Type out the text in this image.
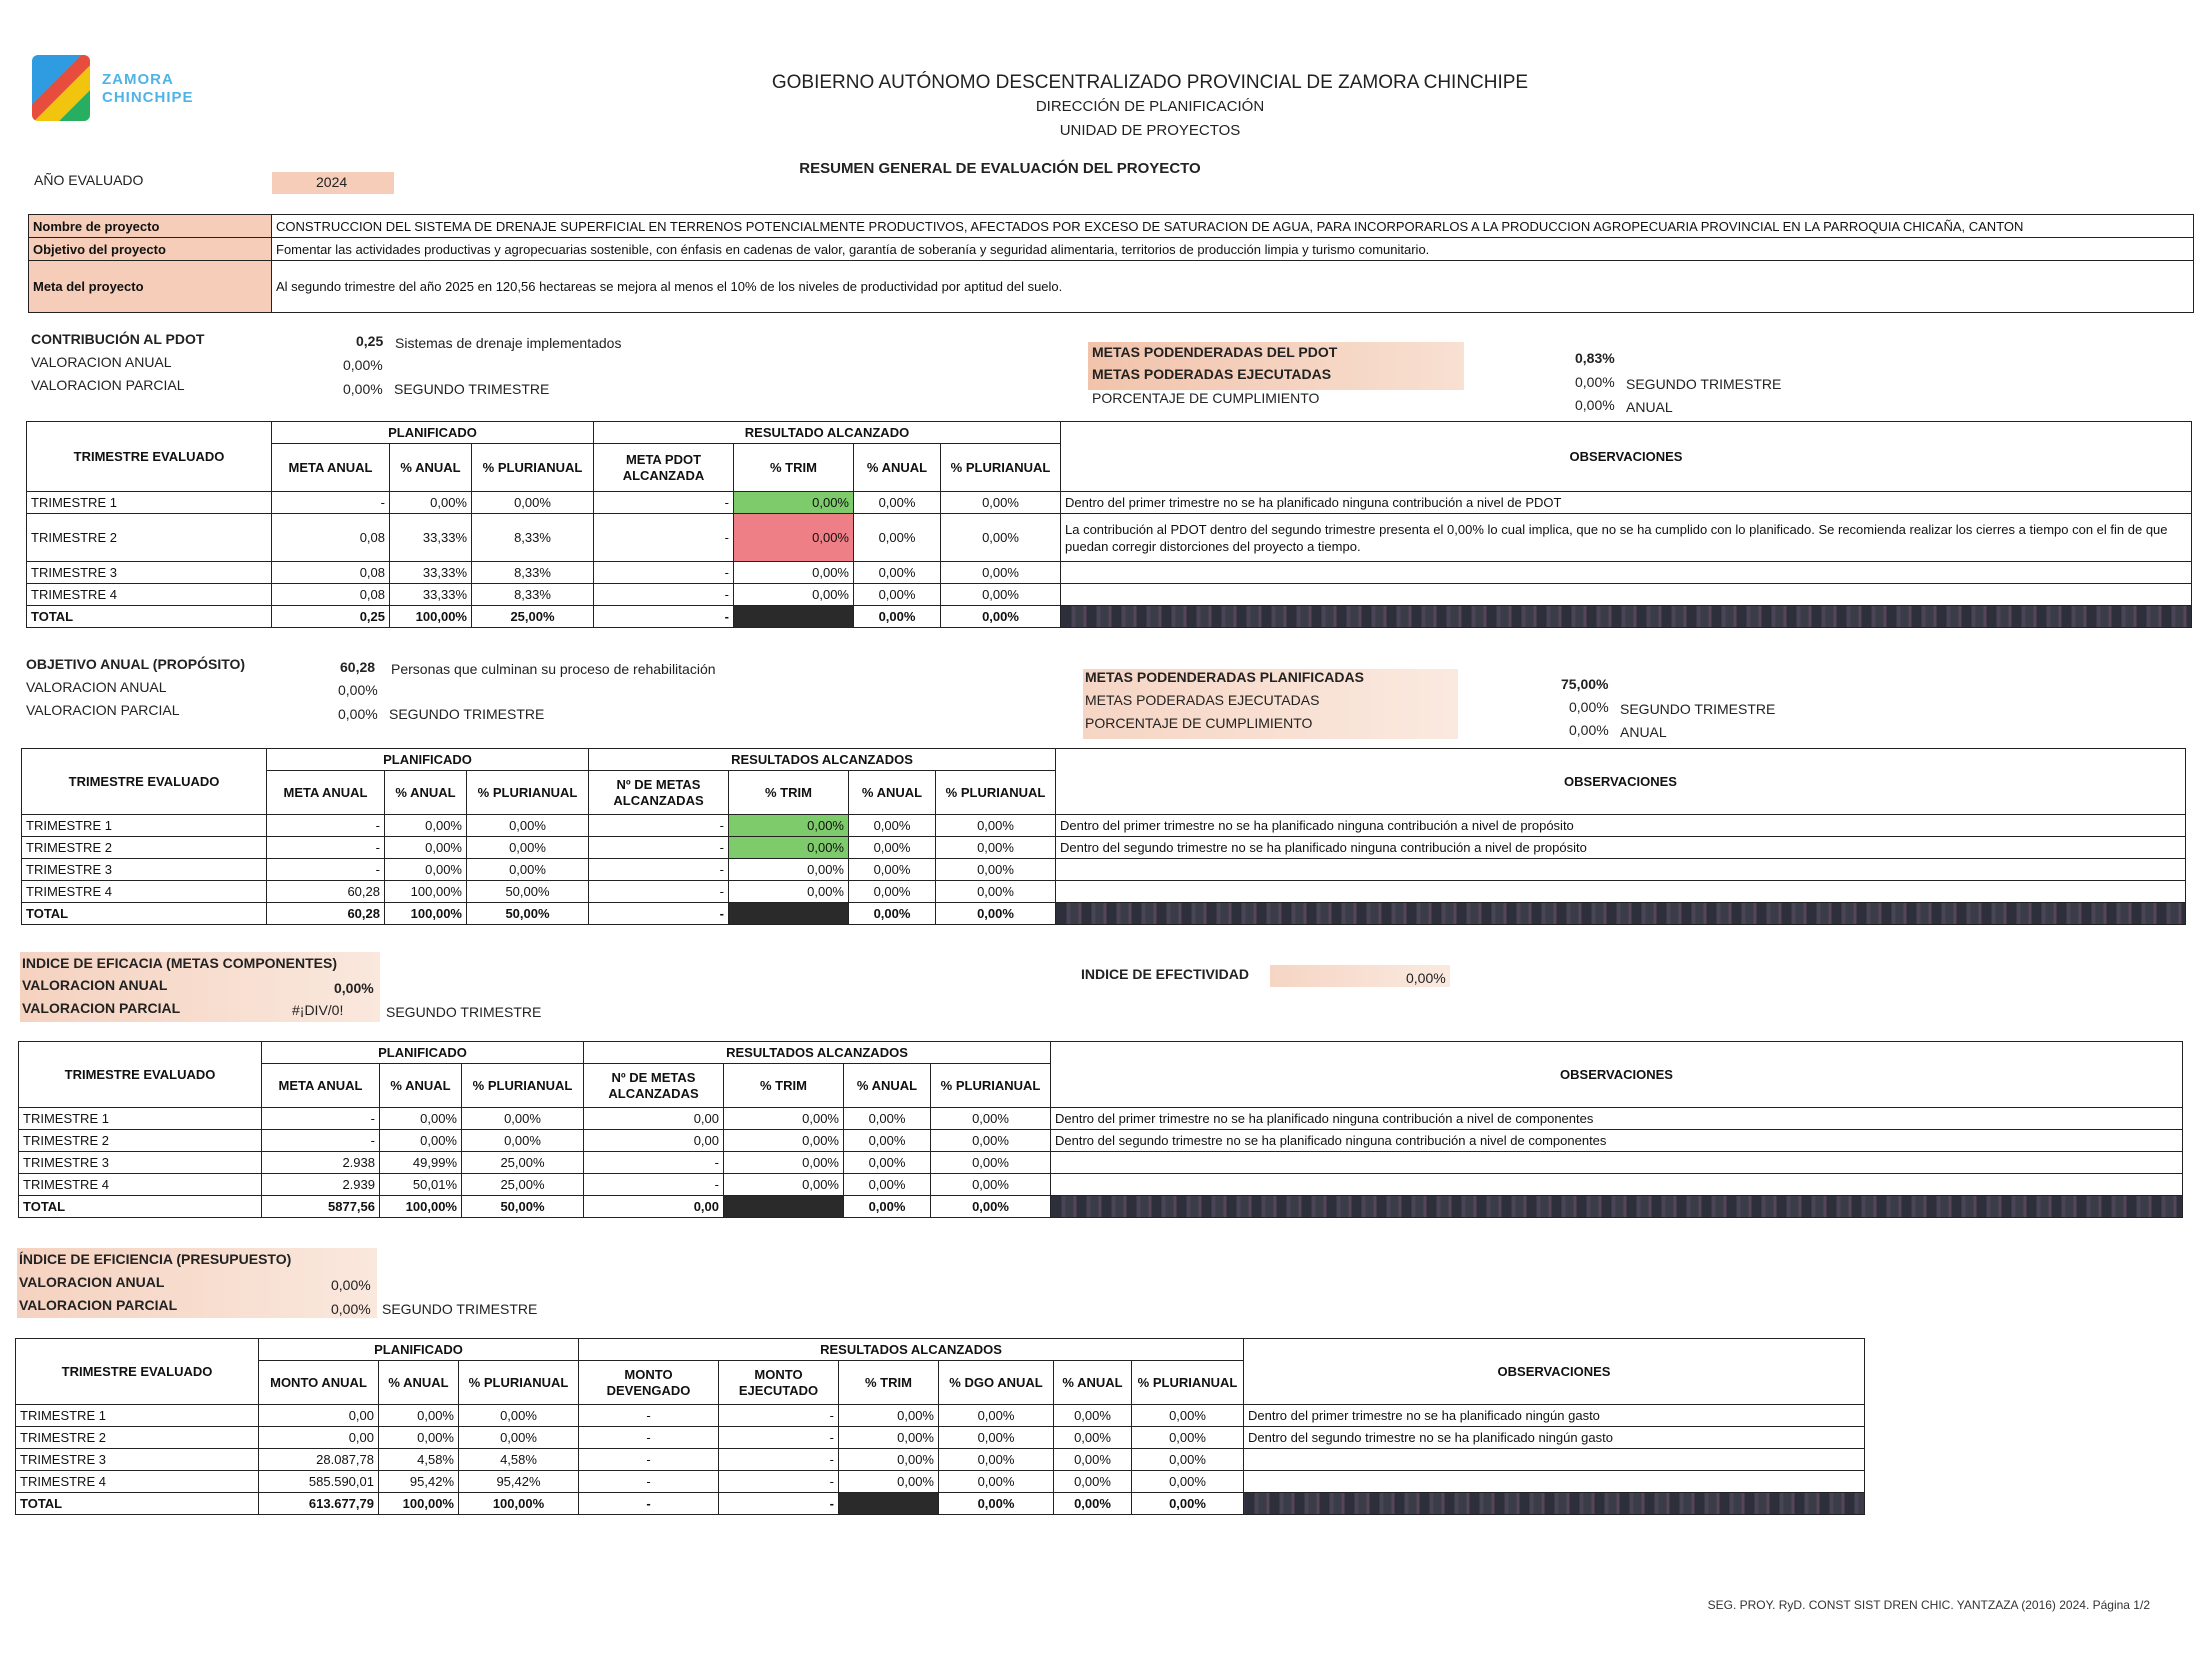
ZAMORA
CHINCHIPE
GOBIERNO AUTÓNOMO DESCENTRALIZADO PROVINCIAL DE ZAMORA CHINCHIPE
DIRECCIÓN DE PLANIFICACIÓN
UNIDAD DE PROYECTOS
RESUMEN GENERAL DE EVALUACIÓN DEL PROYECTO
AÑO EVALUADO	2024
Nombre de proyecto	CONSTRUCCION DEL SISTEMA DE DRENAJE SUPERFICIAL EN TERRENOS POTENCIALMENTE PRODUCTIVOS, AFECTADOS POR EXCESO DE SATURACION DE AGUA, PARA INCORPORARLOS A LA PRODUCCION AGROPECUARIA PROVINCIAL EN LA PARROQUIA CHICAÑA, CANTON
Objetivo del proyecto	Fomentar las actividades productivas y agropecuarias sostenible, con énfasis en cadenas de valor, garantía de soberanía y seguridad alimentaria, territorios de producción limpia y turismo comunitario.
Meta del proyecto	Al segundo trimestre del año 2025 en 120,56 hectareas se mejora al menos el 10% de los niveles de productividad por aptitud del suelo.
CONTRIBUCIÓN AL PDOT	0,25 Sistemas de drenaje implementados
VALORACION ANUAL	0,00%
VALORACION PARCIAL	0,00% SEGUNDO TRIMESTRE
METAS PODENDERADAS DEL PDOT	0,83%
METAS PODERADAS EJECUTADAS	0,00% SEGUNDO TRIMESTRE
PORCENTAJE DE CUMPLIMIENTO	0,00% ANUAL
TRIMESTRE EVALUADO	PLANIFICADO			RESULTADO ALCANZADO				OBSERVACIONES
	META ANUAL	% ANUAL	% PLURIANUAL	META PDOT
ALCANZADA	% TRIM	% ANUAL	% PLURIANUAL	
TRIMESTRE 1	-	0,00%	0,00%	-	0,00%	0,00%	0,00%	Dentro del primer trimestre no se ha planificado ninguna contribución a nivel de PDOT
TRIMESTRE 2	0,08	33,33%	8,33%	-	0,00%	0,00%	0,00%	La contribución al PDOT dentro del segundo trimestre presenta el 0,00% lo cual implica, que no se ha cumplido con lo planificado. Se recomienda realizar los cierres a tiempo con el fin de que puedan corregir distorciones del proyecto a tiempo.
TRIMESTRE 3	0,08	33,33%	8,33%	-	0,00%	0,00%	0,00%	
TRIMESTRE 4	0,08	33,33%	8,33%	-	0,00%	0,00%	0,00%	
TOTAL	0,25	100,00%	25,00%	-		0,00%	0,00%	
OBJETIVO ANUAL (PROPÓSITO)	60,28 Personas que culminan su proceso de rehabilitación
VALORACION ANUAL	0,00%
VALORACION PARCIAL	0,00% SEGUNDO TRIMESTRE
METAS PODENDERADAS PLANIFICADAS	75,00%
METAS PODERADAS EJECUTADAS	0,00% SEGUNDO TRIMESTRE
PORCENTAJE DE CUMPLIMIENTO	0,00% ANUAL
TRIMESTRE EVALUADO	PLANIFICADO			RESULTADOS ALCANZADOS				OBSERVACIONES
	META ANUAL	% ANUAL	% PLURIANUAL	Nº DE METAS
ALCANZADAS	% TRIM	% ANUAL	% PLURIANUAL	
TRIMESTRE 1	-	0,00%	0,00%	-	0,00%	0,00%	0,00%	Dentro del primer trimestre no se ha planificado ninguna contribución a nivel de propósito
TRIMESTRE 2	-	0,00%	0,00%	-	0,00%	0,00%	0,00%	Dentro del segundo trimestre no se ha planificado ninguna contribución a nivel de propósito
TRIMESTRE 3	-	0,00%	0,00%	-	0,00%	0,00%	0,00%	
TRIMESTRE 4	60,28	100,00%	50,00%	-	0,00%	0,00%	0,00%	
TOTAL	60,28	100,00%	50,00%	-		0,00%	0,00%	
INDICE DE EFICACIA (METAS COMPONENTES)
VALORACION ANUAL	0,00%
VALORACION PARCIAL	#¡DIV/0!	SEGUNDO TRIMESTRE
INDICE DE EFECTIVIDAD	0,00%
TRIMESTRE EVALUADO	PLANIFICADO			RESULTADOS ALCANZADOS				OBSERVACIONES
	META ANUAL	% ANUAL	% PLURIANUAL	Nº DE METAS
ALCANZADAS	% TRIM	% ANUAL	% PLURIANUAL	
TRIMESTRE 1	-	0,00%	0,00%	0,00	0,00%	0,00%	0,00%	Dentro del primer trimestre no se ha planificado ninguna contribución a nivel de componentes
TRIMESTRE 2	-	0,00%	0,00%	0,00	0,00%	0,00%	0,00%	Dentro del segundo trimestre no se ha planificado ninguna contribución a nivel de componentes
TRIMESTRE 3	2.938	49,99%	25,00%	-	0,00%	0,00%	0,00%	
TRIMESTRE 4	2.939	50,01%	25,00%	-	0,00%	0,00%	0,00%	
TOTAL	5877,56	100,00%	50,00%	0,00		0,00%	0,00%	
ÍNDICE DE EFICIENCIA (PRESUPUESTO)
VALORACION ANUAL	0,00%
VALORACION PARCIAL	0,00% SEGUNDO TRIMESTRE
TRIMESTRE EVALUADO	PLANIFICADO			RESULTADOS ALCANZADOS						OBSERVACIONES
	MONTO ANUAL	% ANUAL	% PLURIANUAL	MONTO
DEVENGADO	MONTO
EJECUTADO	% TRIM	% DGO ANUAL	% ANUAL	% PLURIANUAL	
TRIMESTRE 1	0,00	0,00%	0,00%	-	-	0,00%	0,00%	0,00%	0,00%	Dentro del primer trimestre no se ha planificado ningún gasto
TRIMESTRE 2	0,00	0,00%	0,00%	-	-	0,00%	0,00%	0,00%	0,00%	Dentro del segundo trimestre no se ha planificado ningún gasto
TRIMESTRE 3	28.087,78	4,58%	4,58%	-	-	0,00%	0,00%	0,00%	0,00%	
TRIMESTRE 4	585.590,01	95,42%	95,42%	-	-	0,00%	0,00%	0,00%	0,00%	
TOTAL	613.677,79	100,00%	100,00%	-	-		0,00%	0,00%	0,00%	
SEG. PROY. RyD. CONST SIST DREN CHIC. YANTZAZA (2016) 2024. Página 1/2
